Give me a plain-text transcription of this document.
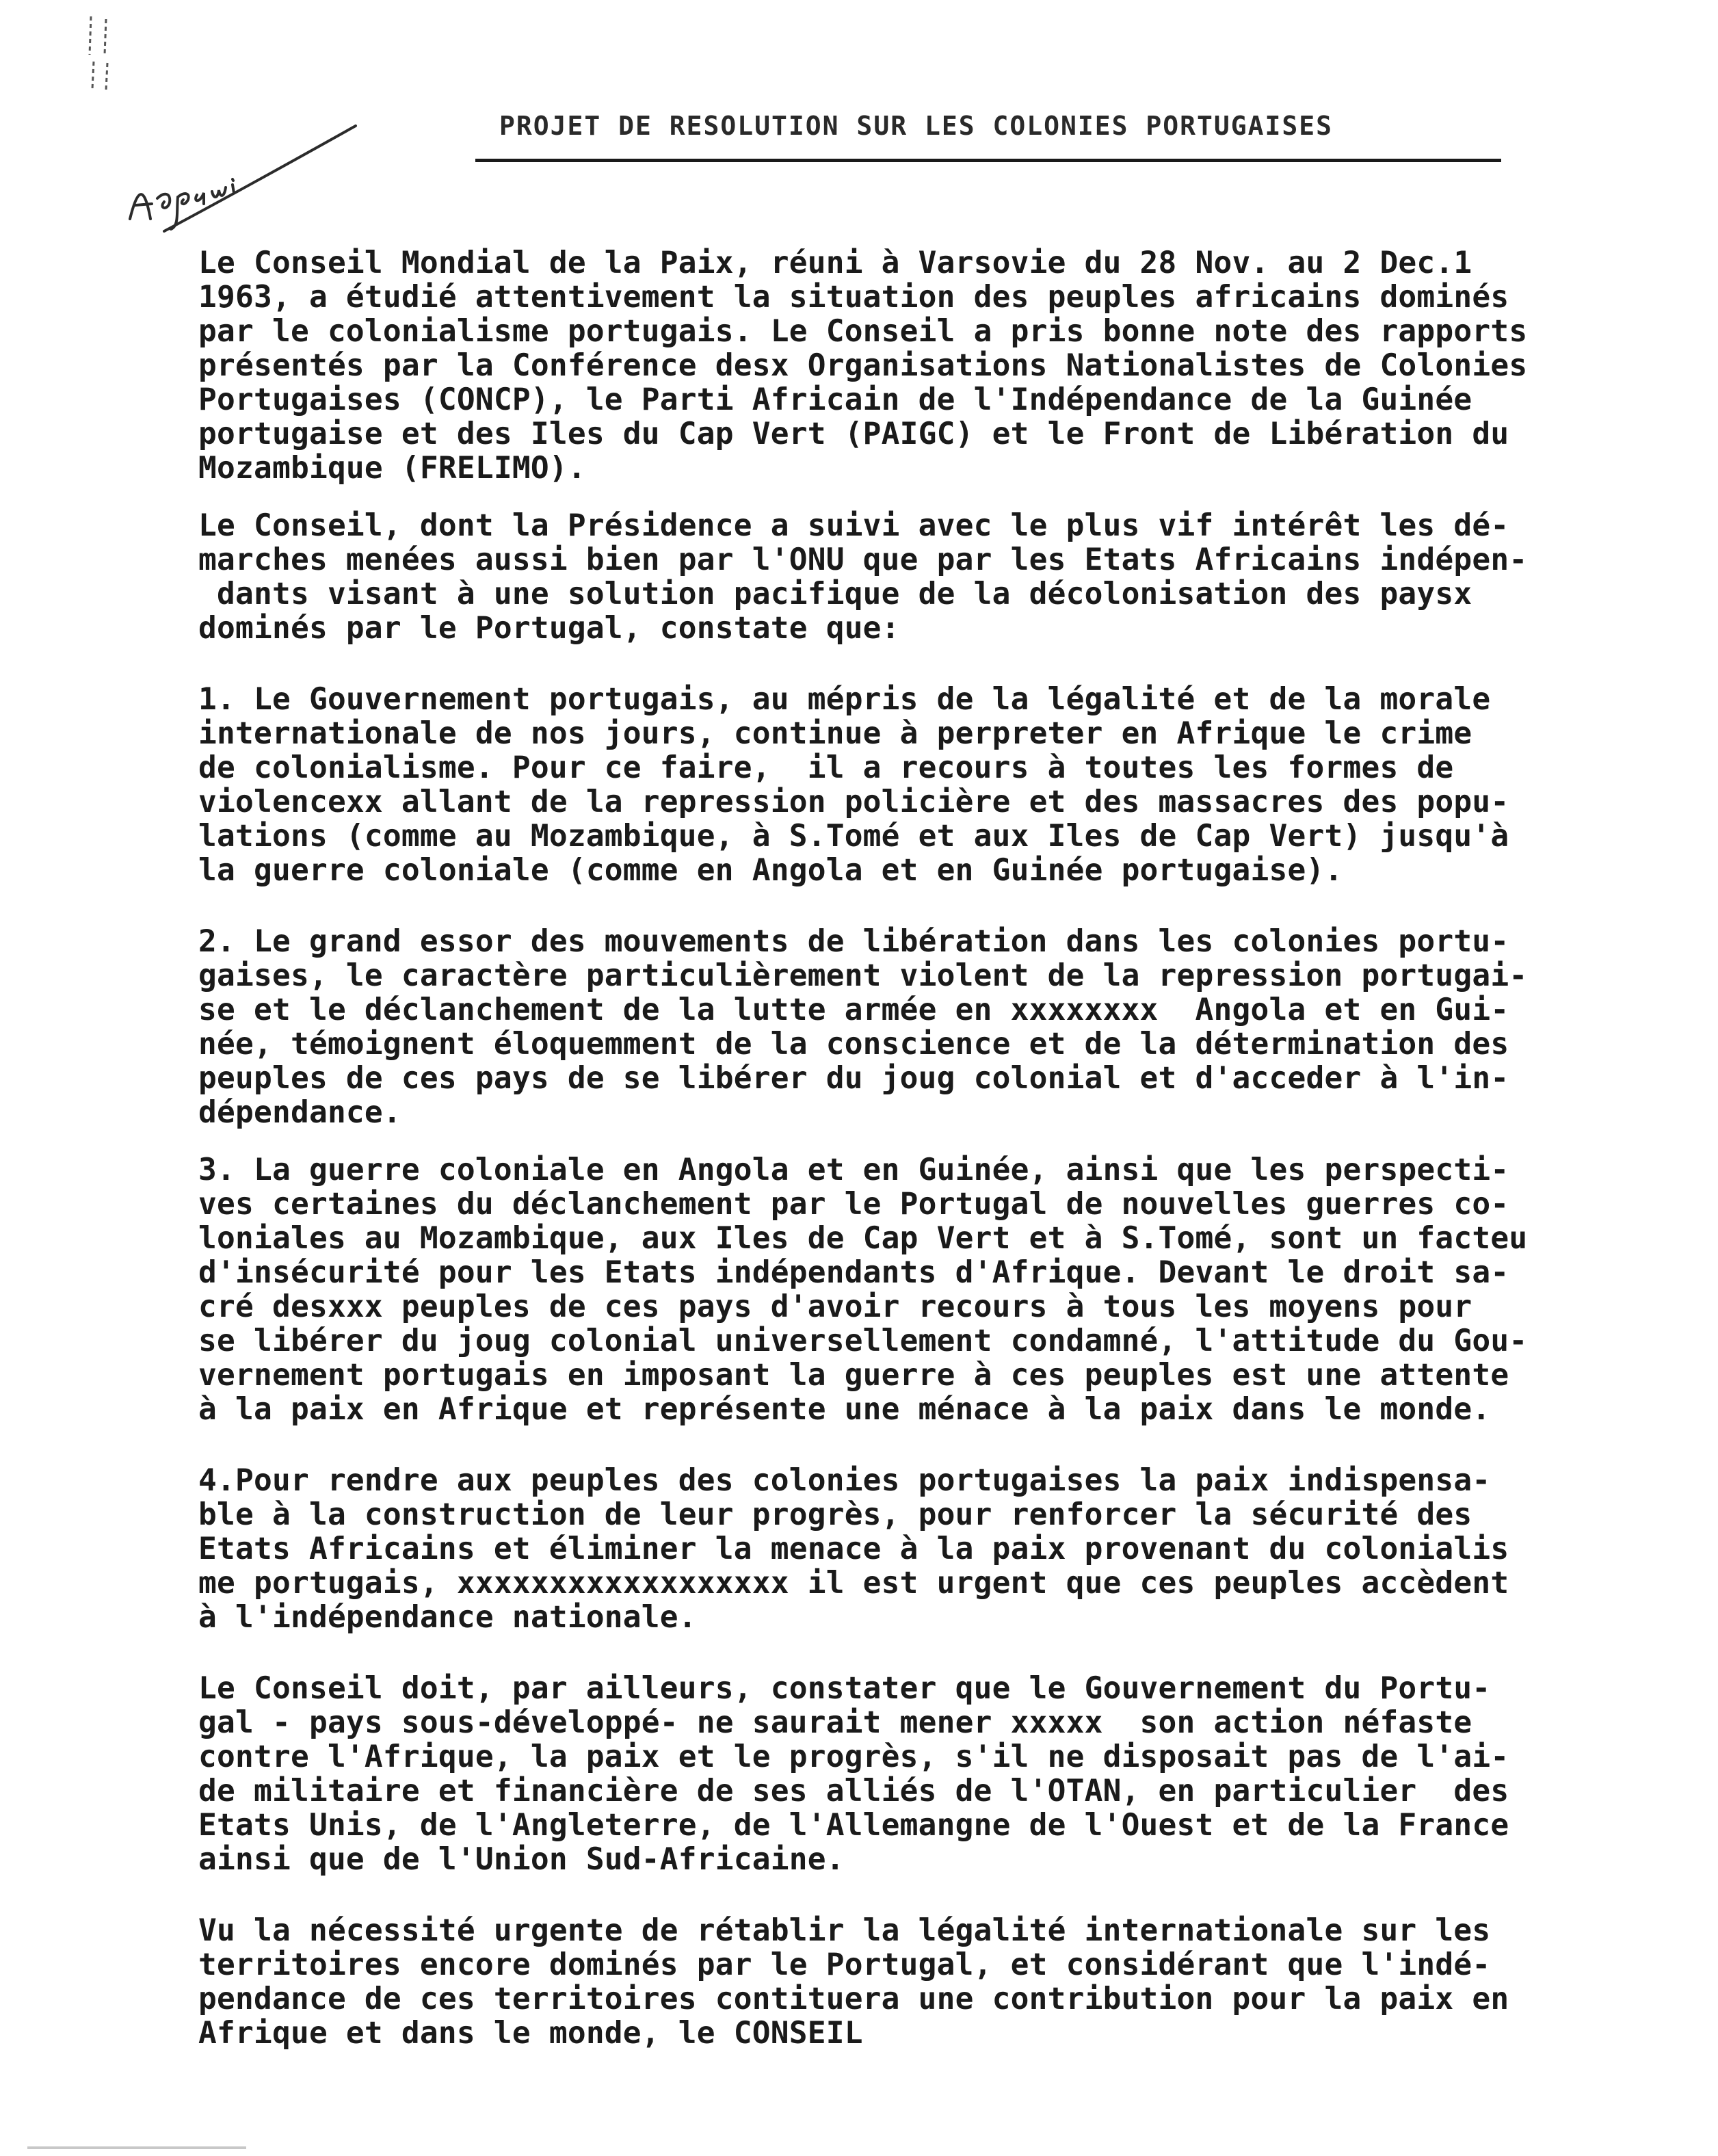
PROJET DE RESOLUTION SUR LES COLONIES PORTUGAISES
Le Conseil Mondial de la Paix, réuni à Varsovie du 28 Nov. au 2 Dec.1
1963, a étudié attentivement la situation des peuples africains dominés
par le colonialisme portugais. Le Conseil a pris bonne note des rapports
présentés par la Conférence desx Organisations Nationalistes de Colonies
Portugaises (CONCP), le Parti Africain de l'Indépendance de la Guinée
portugaise et des Iles du Cap Vert (PAIGC) et le Front de Libération du
Mozambique (FRELIMO).
Le Conseil, dont la Présidence a suivi avec le plus vif intérêt les dé-
marches menées aussi bien par l'ONU que par les Etats Africains indépen-
dants visant à une solution pacifique de la décolonisation des paysx
dominés par le Portugal, constate que:
1. Le Gouvernement portugais, au mépris de la légalité et de la morale
internationale de nos jours, continue à perpreter en Afrique le crime
de colonialisme. Pour ce faire,  il a recours à toutes les formes de
violencexx allant de la repression policière et des massacres des popu-
lations (comme au Mozambique, à S.Tomé et aux Iles de Cap Vert) jusqu'à
la guerre coloniale (comme en Angola et en Guinée portugaise).
2. Le grand essor des mouvements de libération dans les colonies portu-
gaises, le caractère particulièrement violent de la repression portugai-
se et le déclanchement de la lutte armée en xxxxxxxx  Angola et en Gui-
née, témoignent éloquemment de la conscience et de la détermination des
peuples de ces pays de se libérer du joug colonial et d'acceder à l'in-
dépendance.
3. La guerre coloniale en Angola et en Guinée, ainsi que les perspecti-
ves certaines du déclanchement par le Portugal de nouvelles guerres co-
loniales au Mozambique, aux Iles de Cap Vert et à S.Tomé, sont un facteu
d'insécurité pour les Etats indépendants d'Afrique. Devant le droit sa-
cré desxxx peuples de ces pays d'avoir recours à tous les moyens pour
se libérer du joug colonial universellement condamné, l'attitude du Gou-
vernement portugais en imposant la guerre à ces peuples est une attente
à la paix en Afrique et représente une ménace à la paix dans le monde.
4.Pour rendre aux peuples des colonies portugaises la paix indispensa-
ble à la construction de leur progrès, pour renforcer la sécurité des
Etats Africains et éliminer la menace à la paix provenant du colonialis
me portugais, xxxxxxxxxxxxxxxxxx il est urgent que ces peuples accèdent
à l'indépendance nationale.
Le Conseil doit, par ailleurs, constater que le Gouvernement du Portu-
gal - pays sous-développé- ne saurait mener xxxxx  son action néfaste
contre l'Afrique, la paix et le progrès, s'il ne disposait pas de l'ai-
de militaire et financière de ses alliés de l'OTAN, en particulier  des
Etats Unis, de l'Angleterre, de l'Allemangne de l'Ouest et de la France
ainsi que de l'Union Sud-Africaine.
Vu la nécessité urgente de rétablir la légalité internationale sur les
territoires encore dominés par le Portugal, et considérant que l'indé-
pendance de ces territoires contituera une contribution pour la paix en
Afrique et dans le monde, le CONSEIL
